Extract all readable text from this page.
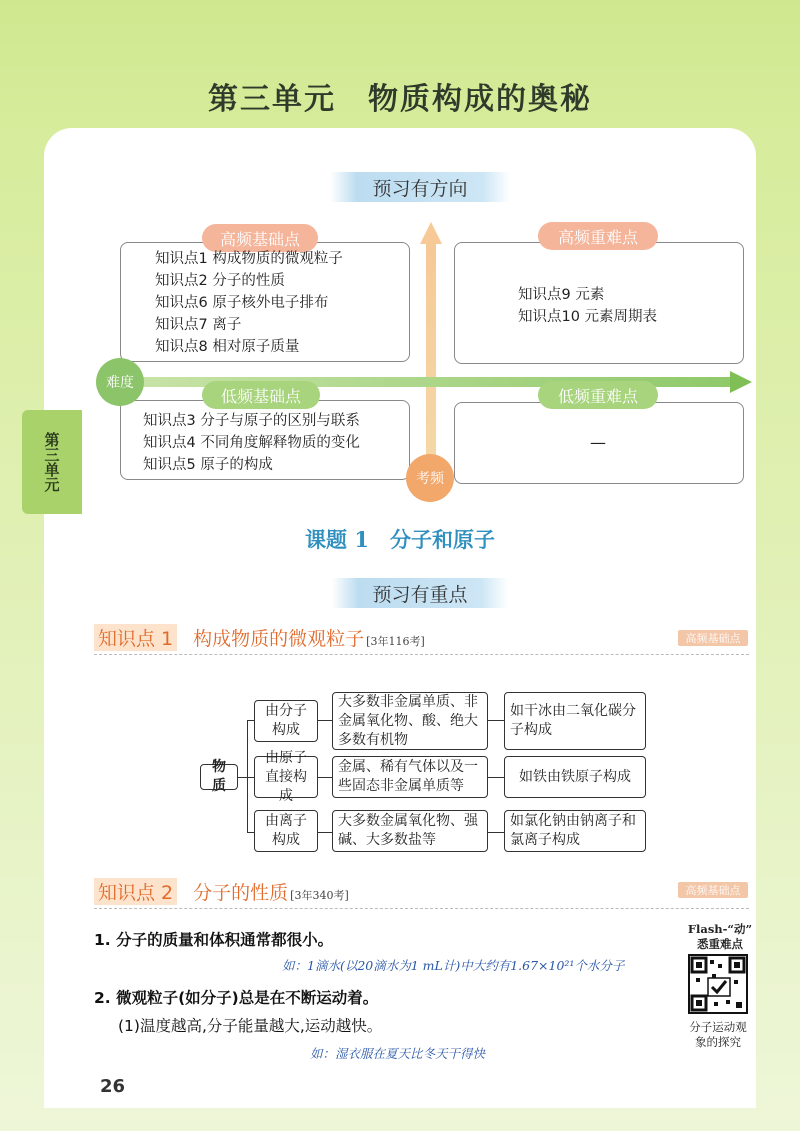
第三单元　物质构成的奥秘
第三单元
预习有方向
高频基础点
知识点1 构成物质的微观粒子
知识点2 分子的性质
知识点6 原子核外电子排布
知识点7 离子
知识点8 相对原子质量
高频重难点
知识点9 元素
知识点10 元素周期表
低频基础点
知识点3 分子与原子的区别与联系
知识点4 不同角度解释物质的变化
知识点5 原子的构成
低频重难点
—
难度
考频
课题 1　分子和原子
预习有重点
知识点 1 构成物质的微观粒子 [3年116考]	高频基础点
物质
由分子构成
大多数非金属单质、非金属氧化物、酸、绝大多数有机物
如干冰由二氧化碳分子构成
由原子直接构成
金属、稀有气体以及一些固态非金属单质等
如铁由铁原子构成
由离子构成
大多数金属氧化物、强碱、大多数盐等
如氯化钠由钠离子和氯离子构成
知识点 2 分子的性质 [3年340考]	高频基础点
1. 分子的质量和体积通常都很小。
如：1滴水(以20滴水为1 mL计)中大约有1.67×10²¹个水分子
2. 微观粒子(如分子)总是在不断运动着。
(1)温度越高,分子能量越大,运动越快。
如：湿衣服在夏天比冬天干得快
Flash-“动”
悉重难点
分子运动观
象的探究
26
